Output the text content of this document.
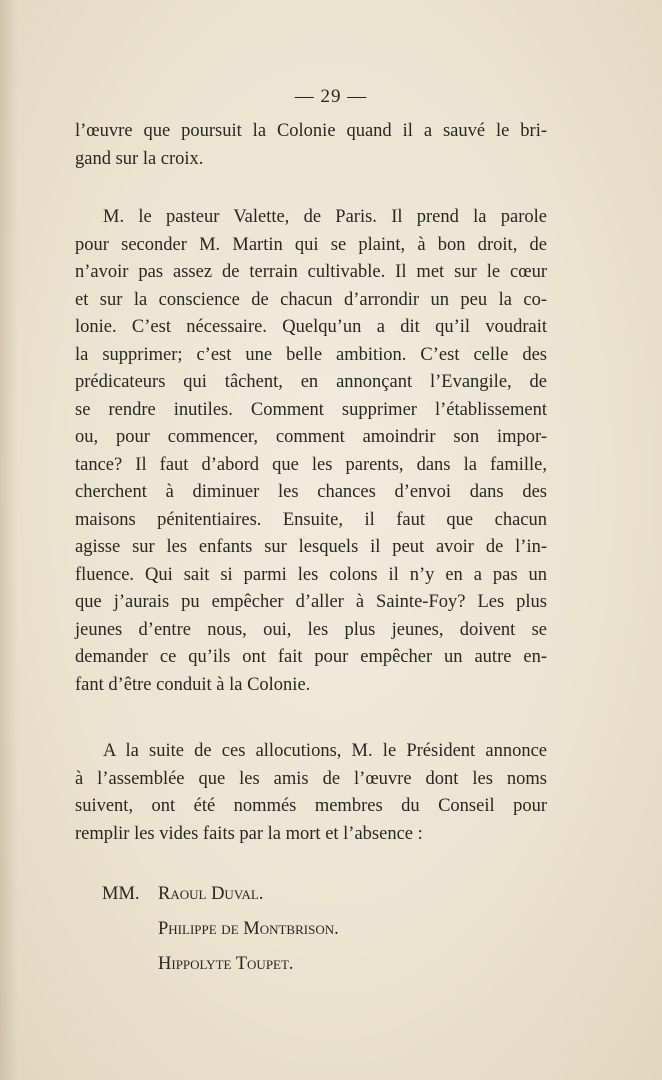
— 29 —
l’œuvre que poursuit la Colonie quand il a sauvé le bri-
gand sur la croix.
M. le pasteur Valette, de Paris. Il prend la parole
pour seconder M. Martin qui se plaint, à bon droit, de
n’avoir pas assez de terrain cultivable. Il met sur le cœur
et sur la conscience de chacun d’arrondir un peu la co-
lonie. C’est nécessaire. Quelqu’un a dit qu’il voudrait
la supprimer; c’est une belle ambition. C’est celle des
prédicateurs qui tâchent, en annonçant l’Evangile, de
se rendre inutiles. Comment supprimer l’établissement
ou, pour commencer, comment amoindrir son impor-
tance? Il faut d’abord que les parents, dans la famille,
cherchent à diminuer les chances d’envoi dans des
maisons pénitentiaires. Ensuite, il faut que chacun
agisse sur les enfants sur lesquels il peut avoir de l’in-
fluence. Qui sait si parmi les colons il n’y en a pas un
que j’aurais pu empêcher d’aller à Sainte-Foy? Les plus
jeunes d’entre nous, oui, les plus jeunes, doivent se
demander ce qu’ils ont fait pour empêcher un autre en-
fant d’être conduit à la Colonie.
A la suite de ces allocutions, M. le Président annonce
à l’assemblée que les amis de l’œuvre dont les noms
suivent, ont été nommés membres du Conseil pour
remplir les vides faits par la mort et l’absence :
MM. Raoul Duval.
Philippe de Montbrison.
Hippolyte Toupet.
